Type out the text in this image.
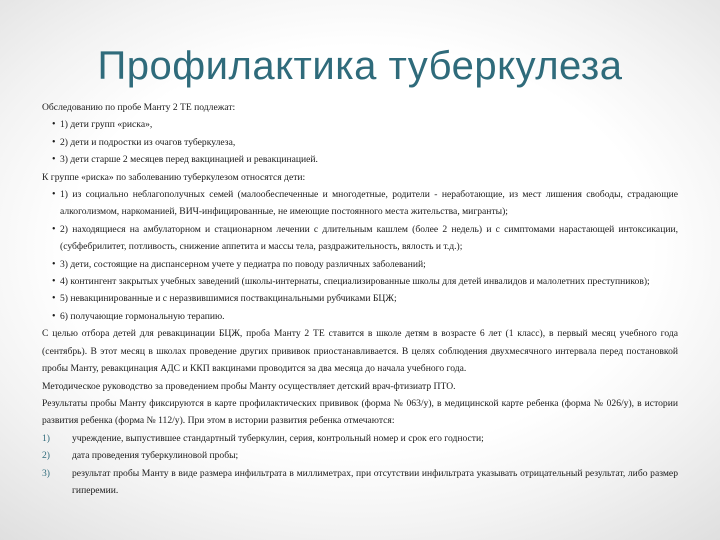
Профилактика туберкулеза

Обследованию по пробе Манту 2 ТЕ подлежат:

• 1) дети групп «риска»,

• 2) дети и подростки из очагов туберкулеза,

• 3) дети старше 2 месяцев перед вакцинацией и ревакцинацией.

К группе «риска» по заболеванию туберкулезом относятся дети:

• 1) из социально неблагополучных семей (малообеспеченные и многодетные, родители - неработающие, из мест лишения свободы, страдающие алкоголизмом, наркоманией, ВИЧ-инфицированные, не имеющие постоянного места жительства, мигранты);

• 2) находящиеся на амбулаторном и стационарном лечении с длительным кашлем (более 2 недель) и с симптомами нарастающей интоксикации, (субфебрилитет, потливость, снижение аппетита и массы тела, раздражительность, вялость и т.д.);

• 3) дети, состоящие на диспансерном учете у педиатра по поводу различных заболеваний;

• 4) контингент закрытых учебных заведений (школы-интернаты, специализированные школы для детей инвалидов и малолетних преступников);

• 5) невакцинированные и с неразвившимися поствакцинальными рубчиками БЦЖ;

• 6) получающие гормональную терапию.

С целью отбора детей для ревакцинации БЦЖ, проба Манту 2 ТЕ ставится в школе детям в возрасте 6 лет (1 класс), в первый месяц учебного года (сентябрь). В этот месяц в школах проведение других прививок приостанавливается. В целях соблюдения двухмесячного интервала перед постановкой пробы Манту, ревакцинация АДС и ККП вакцинами проводится за два месяца до начала учебного года.

Методическое руководство за проведением пробы Манту осуществляет детский врач-фтизиатр ПТО.

Результаты пробы Манту фиксируются в карте профилактических прививок (форма № 063/у), в медицинской карте ребенка (форма № 026/у), в истории развития ребенка (форма № 112/у). При этом в истории развития ребенка отмечаются:

1)	учреждение, выпустившее стандартный туберкулин, серия, контрольный номер и срок его годности;
2)	дата проведения туберкулиновой пробы;
3)	результат пробы Манту в виде размера инфильтрата в миллиметрах, при отсутствии инфильтрата указывать отрицательный результат, либо размер гиперемии.
